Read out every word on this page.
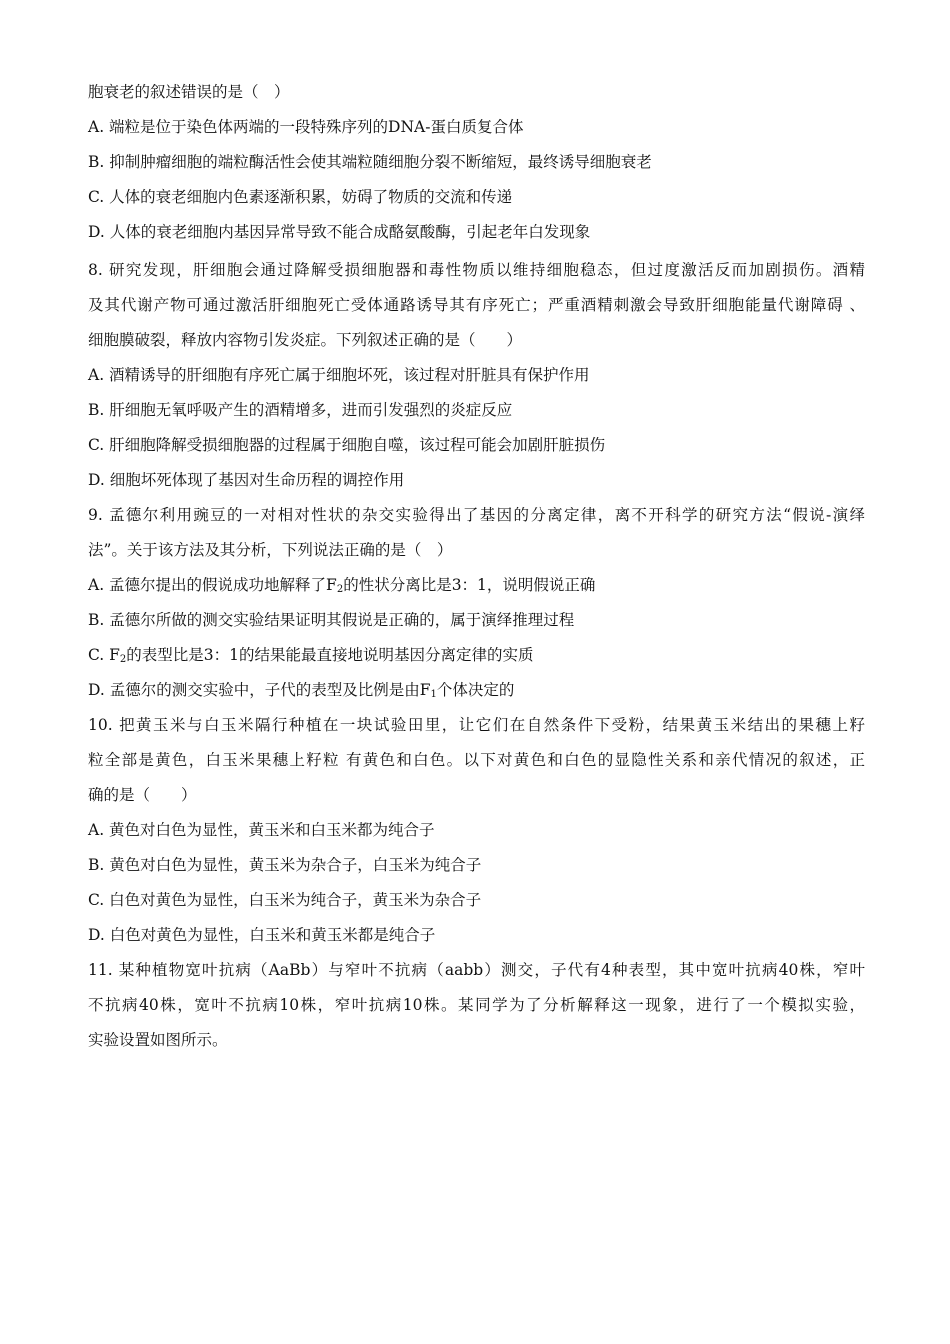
胞衰老的叙述错误的是（　）
A. 端粒是位于染色体两端的一段特殊序列的DNA-蛋白质复合体
B. 抑制肿瘤细胞的端粒酶活性会使其端粒随细胞分裂不断缩短，最终诱导细胞衰老
C. 人体的衰老细胞内色素逐渐积累，妨碍了物质的交流和传递
D. 人体的衰老细胞内基因异常导致不能合成酪氨酸酶，引起老年白发现象
8. 研究发现，肝细胞会通过降解受损细胞器和毒性物质以维持细胞稳态，但过度激活反而加剧损伤。酒精
及其代谢产物可通过激活肝细胞死亡受体通路诱导其有序死亡；严重酒精刺激会导致肝细胞能量代谢障碍 、
细胞膜破裂，释放内容物引发炎症。下列叙述正确的是（　　）
A. 酒精诱导的肝细胞有序死亡属于细胞坏死，该过程对肝脏具有保护作用
B. 肝细胞无氧呼吸产生的酒精增多，进而引发强烈的炎症反应
C. 肝细胞降解受损细胞器的过程属于细胞自噬，该过程可能会加剧肝脏损伤
D. 细胞坏死体现了基因对生命历程的调控作用
9. 孟德尔利用豌豆的一对相对性状的杂交实验得出了基因的分离定律，离不开科学的研究方法“假说-演绎
法”。关于该方法及其分析，下列说法正确的是（　）
A. 孟德尔提出的假说成功地解释了$F_2$的性状分离比是3：1，说明假说正确
B. 孟德尔所做的测交实验结果证明其假说是正确的，属于演绎推理过程
C. $F_2$的表型比是3：1的结果能最直接地说明基因分离定律的实质
D. 孟德尔的测交实验中，子代的表型及比例是由$F_1$个体决定的
10. 把黄玉米与白玉米隔行种植在一块试验田里，让它们在自然条件下受粉，结果黄玉米结出的果穗上籽
粒全部是黄色，白玉米果穗上籽粒 有黄色和白色。以下对黄色和白色的显隐性关系和亲代情况的叙述，正
确的是（　　）
A. 黄色对白色为显性，黄玉米和白玉米都为纯合子
B. 黄色对白色为显性，黄玉米为杂合子，白玉米为纯合子
C. 白色对黄色为显性，白玉米为纯合子，黄玉米为杂合子
D. 白色对黄色为显性，白玉米和黄玉米都是纯合子
11. 某种植物宽叶抗病（AaBb）与窄叶不抗病（aabb）测交，子代有4种表型，其中宽叶抗病40株，窄叶
不抗病40株，宽叶不抗病10株，窄叶抗病10株。某同学为了分析解释这一现象，进行了一个模拟实验，
实验设置如图所示。
